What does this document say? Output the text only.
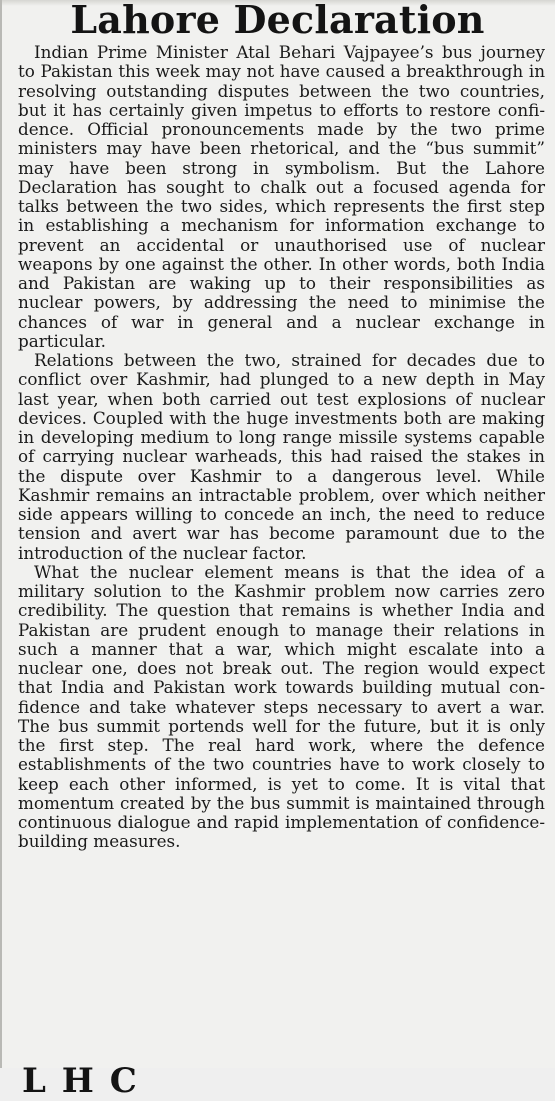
Lahore Declaration

Indian Prime Minister Atal Behari Vajpayee’s bus journey to Pakistan this week may not have caused a breakthrough in resolving outstanding disputes between the two countries, but it has certainly given impetus to efforts to restore confidence. Official pronouncements made by the two prime ministers may have been rhetorical, and the “bus summit” may have been strong in symbolism. But the Lahore Declaration has sought to chalk out a focused agenda for talks between the two sides, which represents the first step in establishing a mechanism for information exchange to prevent an accidental or unauthorised use of nuclear weapons by one against the other. In other words, both India and Pakistan are waking up to their responsibilities as nuclear powers, by addressing the need to minimise the chances of war in general and a nuclear exchange in particular.

Relations between the two, strained for decades due to conflict over Kashmir, had plunged to a new depth in May last year, when both carried out test explosions of nuclear devices. Coupled with the huge investments both are making in developing medium to long range missile systems capable of carrying nuclear warheads, this had raised the stakes in the dispute over Kashmir to a dangerous level. While Kashmir remains an intractable problem, over which neither side appears willing to concede an inch, the need to reduce tension and avert war has become paramount due to the introduction of the nuclear factor.

What the nuclear element means is that the idea of a military solution to the Kashmir problem now carries zero credibility. The question that remains is whether India and Pakistan are prudent enough to manage their relations in such a manner that a war, which might escalate into a nuclear one, does not break out. The region would expect that India and Pakistan work towards building mutual confidence and take whatever steps necessary to avert a war. The bus summit portends well for the future, but it is only the first step. The real hard work, where the defence establishments of the two countries have to work closely to keep each other informed, is yet to come. It is vital that momentum created by the bus summit is maintained through continuous dialogue and rapid implementation of confidence-building measures.

L H C
